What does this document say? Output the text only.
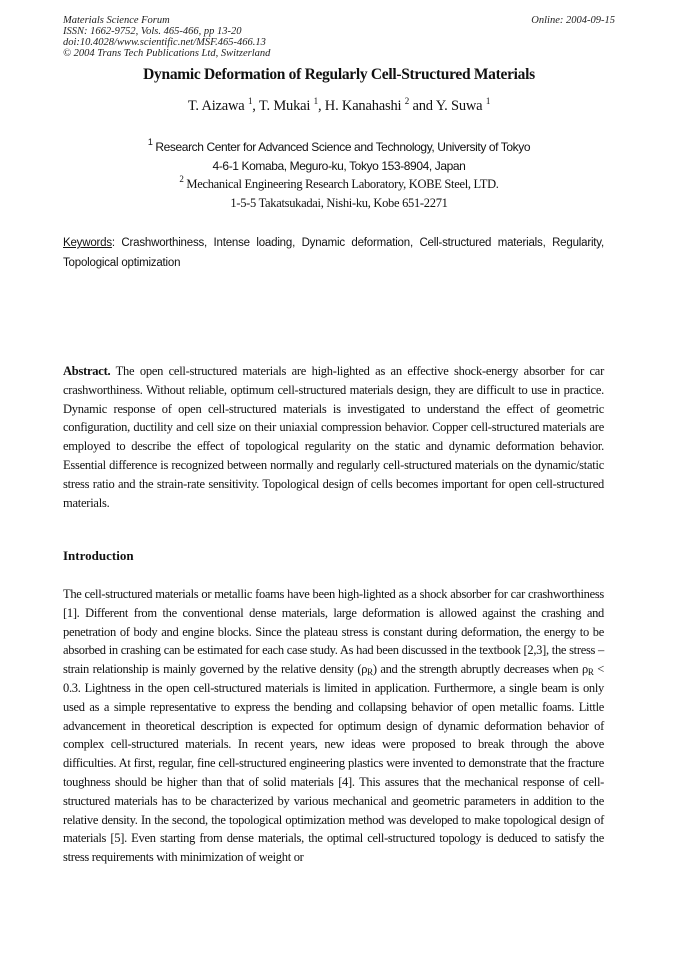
Materials Science Forum
ISSN: 1662-9752, Vols. 465-466, pp 13-20
doi:10.4028/www.scientific.net/MSF.465-466.13
© 2004 Trans Tech Publications Ltd, Switzerland
Online: 2004-09-15
Dynamic Deformation of Regularly Cell-Structured Materials
T. Aizawa $^1$, T. Mukai $^1$, H. Kanahashi $^2$ and Y. Suwa $^1$
$^1$ Research Center for Advanced Science and Technology, University of Tokyo
4-6-1 Komaba, Meguro-ku, Tokyo 153-8904, Japan
$^2$ Mechanical Engineering Research Laboratory, KOBE Steel, LTD.
1-5-5 Takatsukadai, Nishi-ku, Kobe 651-2271
Keywords: Crashworthiness, Intense loading, Dynamic deformation, Cell-structured materials, Regularity, Topological optimization
Abstract. The open cell-structured materials are high-lighted as an effective shock-energy absorber for car crashworthiness. Without reliable, optimum cell-structured materials design, they are difficult to use in practice. Dynamic response of open cell-structured materials is investigated to understand the effect of geometric configuration, ductility and cell size on their uniaxial compression behavior. Copper cell-structured materials are employed to describe the effect of topological regularity on the static and dynamic deformation behavior. Essential difference is recognized between normally and regularly cell-structured materials on the dynamic/static stress ratio and the strain-rate sensitivity. Topological design of cells becomes important for open cell-structured materials.
Introduction
The cell-structured materials or metallic foams have been high-lighted as a shock absorber for car crashworthiness [1]. Different from the conventional dense materials, large deformation is allowed against the crashing and penetration of body and engine blocks. Since the plateau stress is constant during deformation, the energy to be absorbed in crashing can be estimated for each case study. As had been discussed in the textbook [2,3], the stress – strain relationship is mainly governed by the relative density $(\rho_R)$ and the strength abruptly decreases when $\rho_R < 0.3$. Lightness in the open cell-structured materials is limited in application. Furthermore, a single beam is only used as a simple representative to express the bending and collapsing behavior of open metallic foams. Little advancement in theoretical description is expected for optimum design of dynamic deformation behavior of complex cell-structured materials. In recent years, new ideas were proposed to break through the above difficulties. At first, regular, fine cell-structured engineering plastics were invented to demonstrate that the fracture toughness should be higher than that of solid materials [4]. This assures that the mechanical response of cell-structured materials has to be characterized by various mechanical and geometric parameters in addition to the relative density. In the second, the topological optimization method was developed to make topological design of materials [5]. Even starting from dense materials, the optimal cell-structured topology is deduced to satisfy the stress requirements with minimization of weight or
